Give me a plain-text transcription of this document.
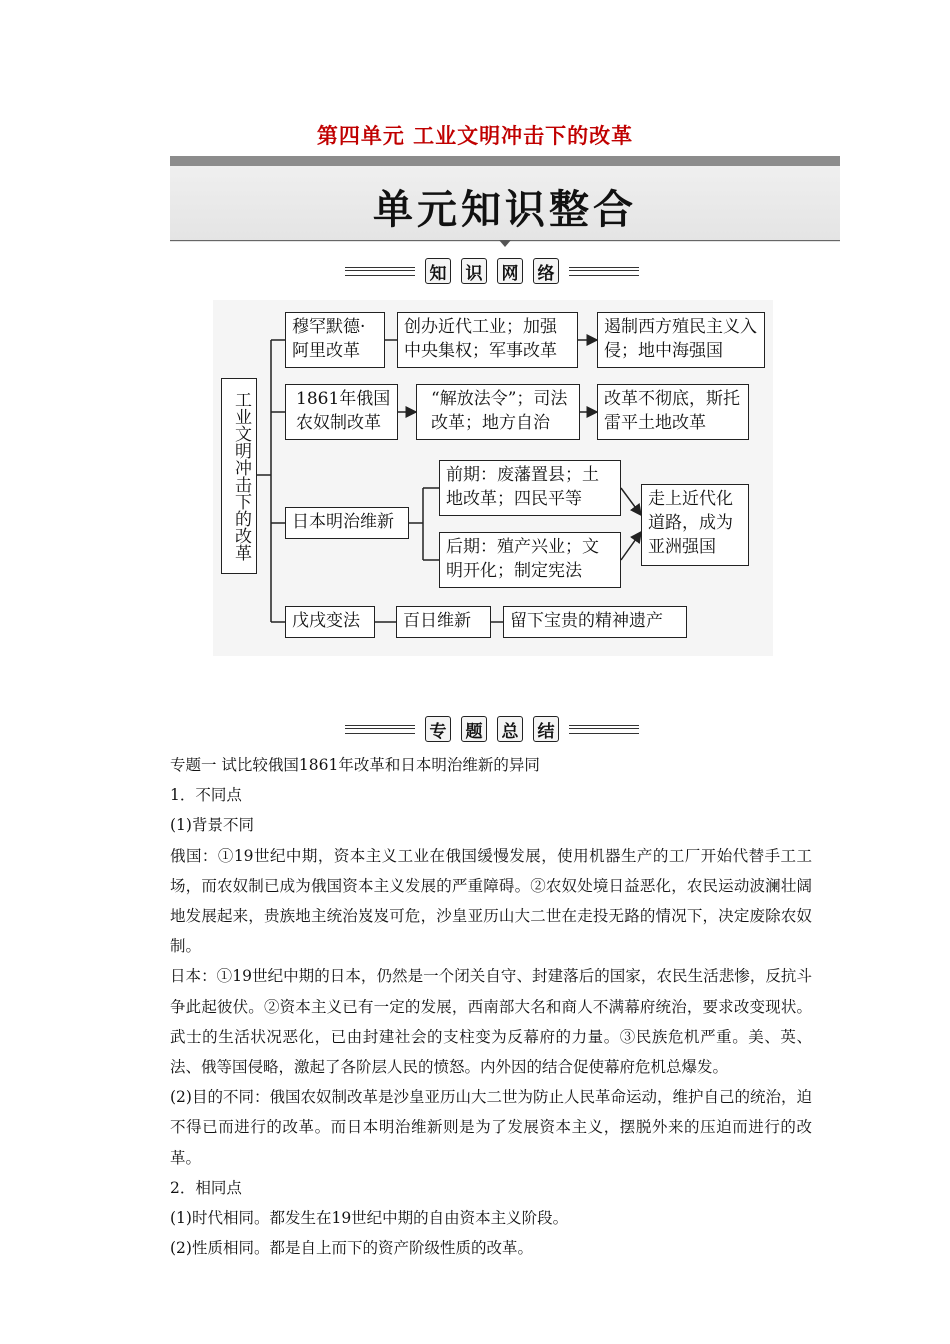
第四单元 工业文明冲击下的改革
单元知识整合
知 识 网 络
工业文明冲击下的改革
穆罕默德·阿里改革
创办近代工业；加强中央集权；军事改革
遏制西方殖民主义入侵；地中海强国
1861年俄国农奴制改革
“解放法令”；司法改革；地方自治
改革不彻底，斯托雷平土地改革
日本明治维新
前期：废藩置县；土地改革；四民平等
后期：殖产兴业；文明开化；制定宪法
走上近代化道路，成为亚洲强国
戊戌变法	百日维新	留下宝贵的精神遗产
专 题 总 结

专题一 试比较俄国1861年改革和日本明治维新的异同

1．不同点

(1)背景不同

俄国：①19世纪中期，资本主义工业在俄国缓慢发展，使用机器生产的工厂开始代替手工工场，而农奴制已成为俄国资本主义发展的严重障碍。②农奴处境日益恶化，农民运动波澜壮阔地发展起来，贵族地主统治岌岌可危，沙皇亚历山大二世在走投无路的情况下，决定废除农奴制。

日本：①19世纪中期的日本，仍然是一个闭关自守、封建落后的国家，农民生活悲惨，反抗斗争此起彼伏。②资本主义已有一定的发展，西南部大名和商人不满幕府统治，要求改变现状。武士的生活状况恶化，已由封建社会的支柱变为反幕府的力量。③民族危机严重。美、英、法、俄等国侵略，激起了各阶层人民的愤怒。内外因的结合促使幕府危机总爆发。

(2)目的不同：俄国农奴制改革是沙皇亚历山大二世为防止人民革命运动，维护自己的统治，迫不得已而进行的改革。而日本明治维新则是为了发展资本主义，摆脱外来的压迫而进行的改革。

2．相同点

(1)时代相同。都发生在19世纪中期的自由资本主义阶段。

(2)性质相同。都是自上而下的资产阶级性质的改革。
